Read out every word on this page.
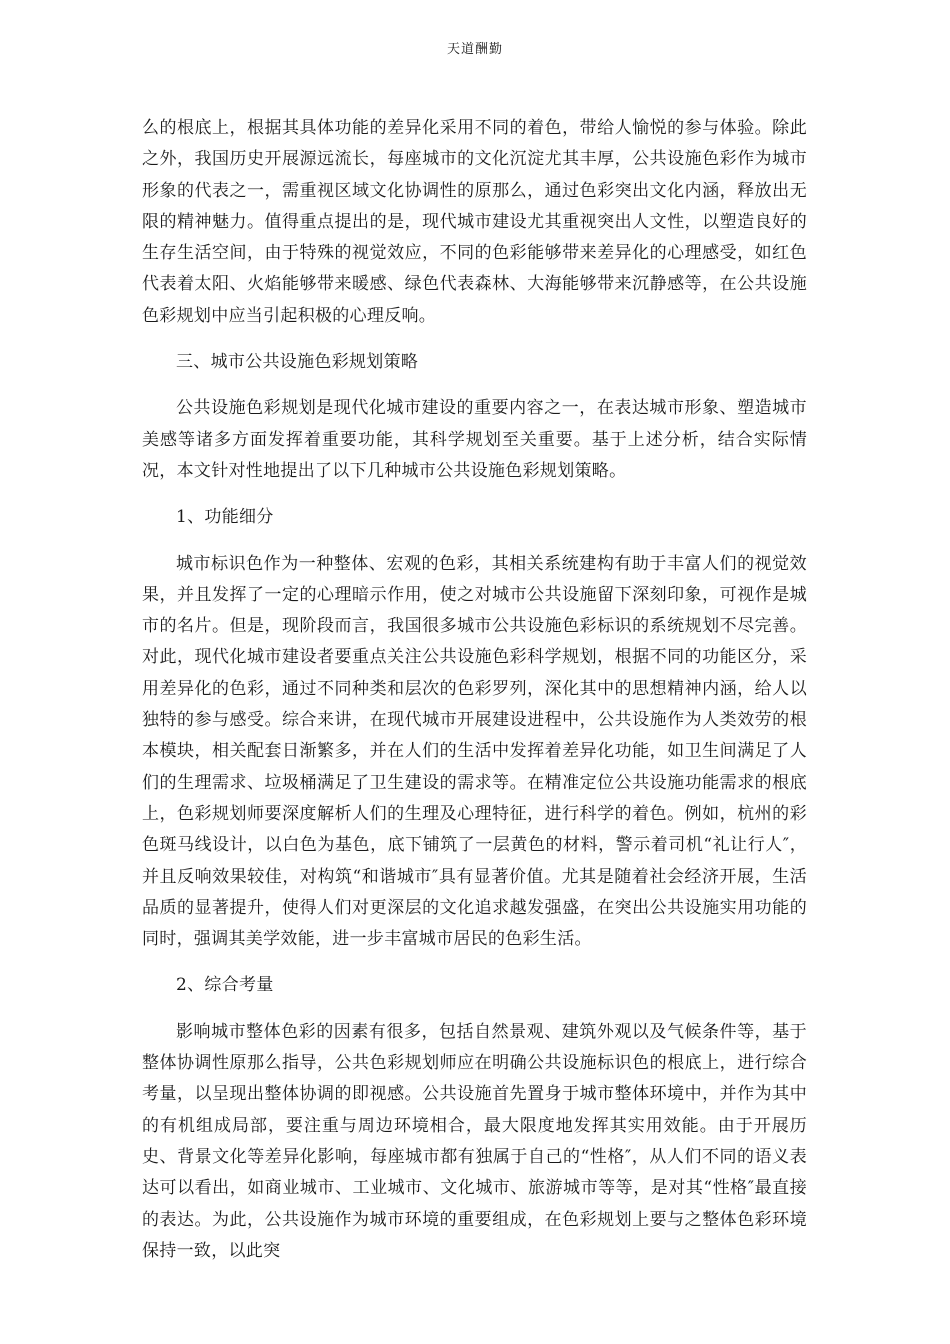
天道酬勤

么的根底上，根据其具体功能的差异化采用不同的着色，带给人愉悦的参与体验。除此之外，我国历史开展源远流长，每座城市的文化沉淀尤其丰厚，公共设施色彩作为城市形象的代表之一，需重视区域文化协调性的原那么，通过色彩突出文化内涵，释放出无限的精神魅力。值得重点提出的是，现代城市建设尤其重视突出人文性，以塑造良好的生存生活空间，由于特殊的视觉效应，不同的色彩能够带来差异化的心理感受，如红色代表着太阳、火焰能够带来暖感、绿色代表森林、大海能够带来沉静感等，在公共设施色彩规划中应当引起积极的心理反响。

三、城市公共设施色彩规划策略

公共设施色彩规划是现代化城市建设的重要内容之一，在表达城市形象、塑造城市美感等诸多方面发挥着重要功能，其科学规划至关重要。基于上述分析，结合实际情况，本文针对性地提出了以下几种城市公共设施色彩规划策略。

1、功能细分

城市标识色作为一种整体、宏观的色彩，其相关系统建构有助于丰富人们的视觉效果，并且发挥了一定的心理暗示作用，使之对城市公共设施留下深刻印象，可视作是城市的名片。但是，现阶段而言，我国很多城市公共设施色彩标识的系统规划不尽完善。对此，现代化城市建设者要重点关注公共设施色彩科学规划，根据不同的功能区分，采用差异化的色彩，通过不同种类和层次的色彩罗列，深化其中的思想精神内涵，给人以独特的参与感受。综合来讲，在现代城市开展建设进程中，公共设施作为人类效劳的根本模块，相关配套日渐繁多，并在人们的生活中发挥着差异化功能，如卫生间满足了人们的生理需求、垃圾桶满足了卫生建设的需求等。在精准定位公共设施功能需求的根底上，色彩规划师要深度解析人们的生理及心理特征，进行科学的着色。例如，杭州的彩色斑马线设计，以白色为基色，底下铺筑了一层黄色的材料，警示着司机“礼让行人″，并且反响效果较佳，对构筑“和谐城市″具有显著价值。尤其是随着社会经济开展，生活品质的显著提升，使得人们对更深层的文化追求越发强盛，在突出公共设施实用功能的同时，强调其美学效能，进一步丰富城市居民的色彩生活。

2、综合考量

影响城市整体色彩的因素有很多，包括自然景观、建筑外观以及气候条件等，基于整体协调性原那么指导，公共色彩规划师应在明确公共设施标识色的根底上，进行综合考量，以呈现出整体协调的即视感。公共设施首先置身于城市整体环境中，并作为其中的有机组成局部，要注重与周边环境相合，最大限度地发挥其实用效能。由于开展历史、背景文化等差异化影响，每座城市都有独属于自己的“性格″，从人们不同的语义表达可以看出，如商业城市、工业城市、文化城市、旅游城市等等，是对其“性格″最直接的表达。为此，公共设施作为城市环境的重要组成，在色彩规划上要与之整体色彩环境保持一致，以此突
